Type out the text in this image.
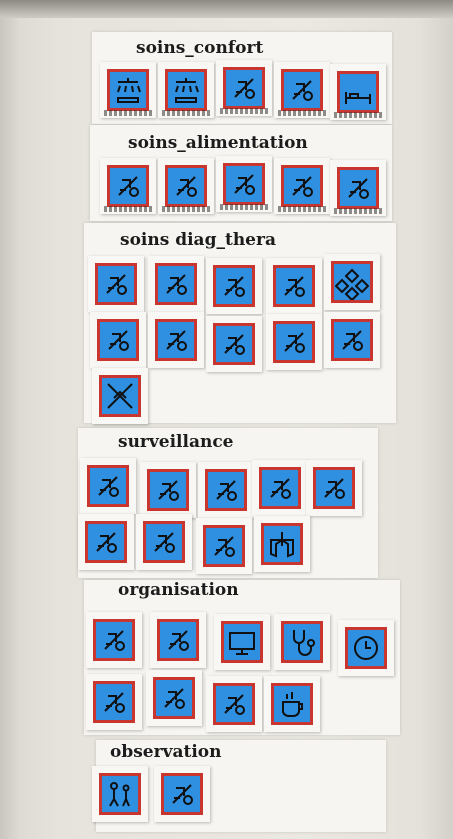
soins_confort
soins_alimentation
soins diag_thera
surveillance
organisation
observation
